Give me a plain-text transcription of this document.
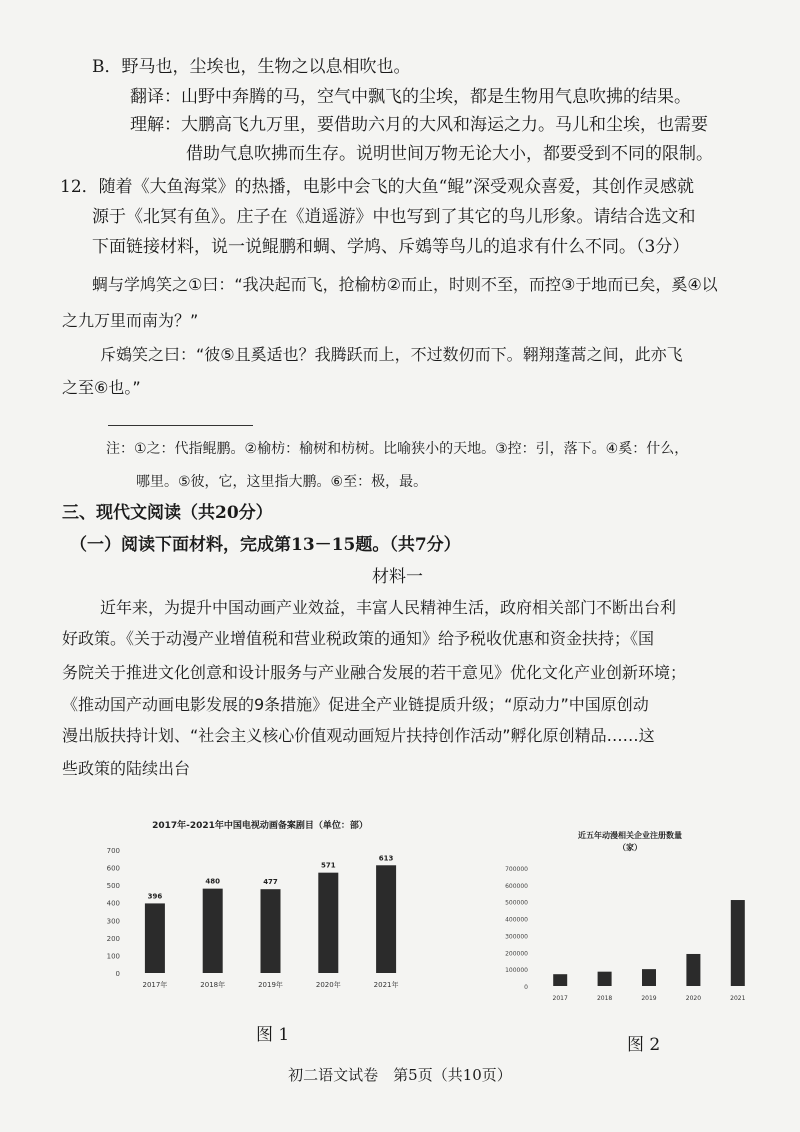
B．野马也，尘埃也，生物之以息相吹也。
翻译：山野中奔腾的马，空气中飘飞的尘埃，都是生物用气息吹拂的结果。
理解：大鹏高飞九万里，要借助六月的大风和海运之力。马儿和尘埃，也需要
借助气息吹拂而生存。说明世间万物无论大小，都要受到不同的限制。
12．随着《大鱼海棠》的热播，电影中会飞的大鱼“鲲”深受观众喜爱，其创作灵感就
源于《北冥有鱼》。庄子在《逍遥游》中也写到了其它的鸟儿形象。请结合选文和
下面链接材料，说一说鲲鹏和蜩、学鸠、斥鴳等鸟儿的追求有什么不同。（3分）
蜩与学鸠笑之①曰：“我决起而飞，抢榆枋②而止，时则不至，而控③于地而已矣，奚④以
之九万里而南为？”
斥鴳笑之曰：“彼⑤且奚适也？我腾跃而上，不过数仞而下。翱翔蓬蒿之间，此亦飞
之至⑥也。”
注：①之：代指鲲鹏。②榆枋：榆树和枋树。比喻狭小的天地。③控：引，落下。④奚：什么，
哪里。⑤彼，它，这里指大鹏。⑥至：极，最。
三、现代文阅读（共20分）
（一）阅读下面材料，完成第13－15题。（共7分）
材料一
近年来，为提升中国动画产业效益，丰富人民精神生活，政府相关部门不断出台利
好政策。《关于动漫产业增值税和营业税政策的通知》给予税收优惠和资金扶持；《国
务院关于推进文化创意和设计服务与产业融合发展的若干意见》优化文化产业创新环境；
《推动国产动画电影发展的9条措施》促进全产业链提质升级；“原动力”中国原创动
漫出版扶持计划、“社会主义核心价值观动画短片扶持创作活动”孵化原创精品……这
些政策的陆续出台
2017年-2021年中国电视动画备案剧目（单位：部）
0
100
200
300
400
500
600
700
2017年
396
2018年
480
2019年
477
2020年
571
2021年
613
图 1
近五年动漫相关企业注册数量
（家）
0
100000
200000
300000
400000
500000
600000
700000
2017	2018	2019	2020	2021
图 2
初二语文试卷　第5页（共10页）
